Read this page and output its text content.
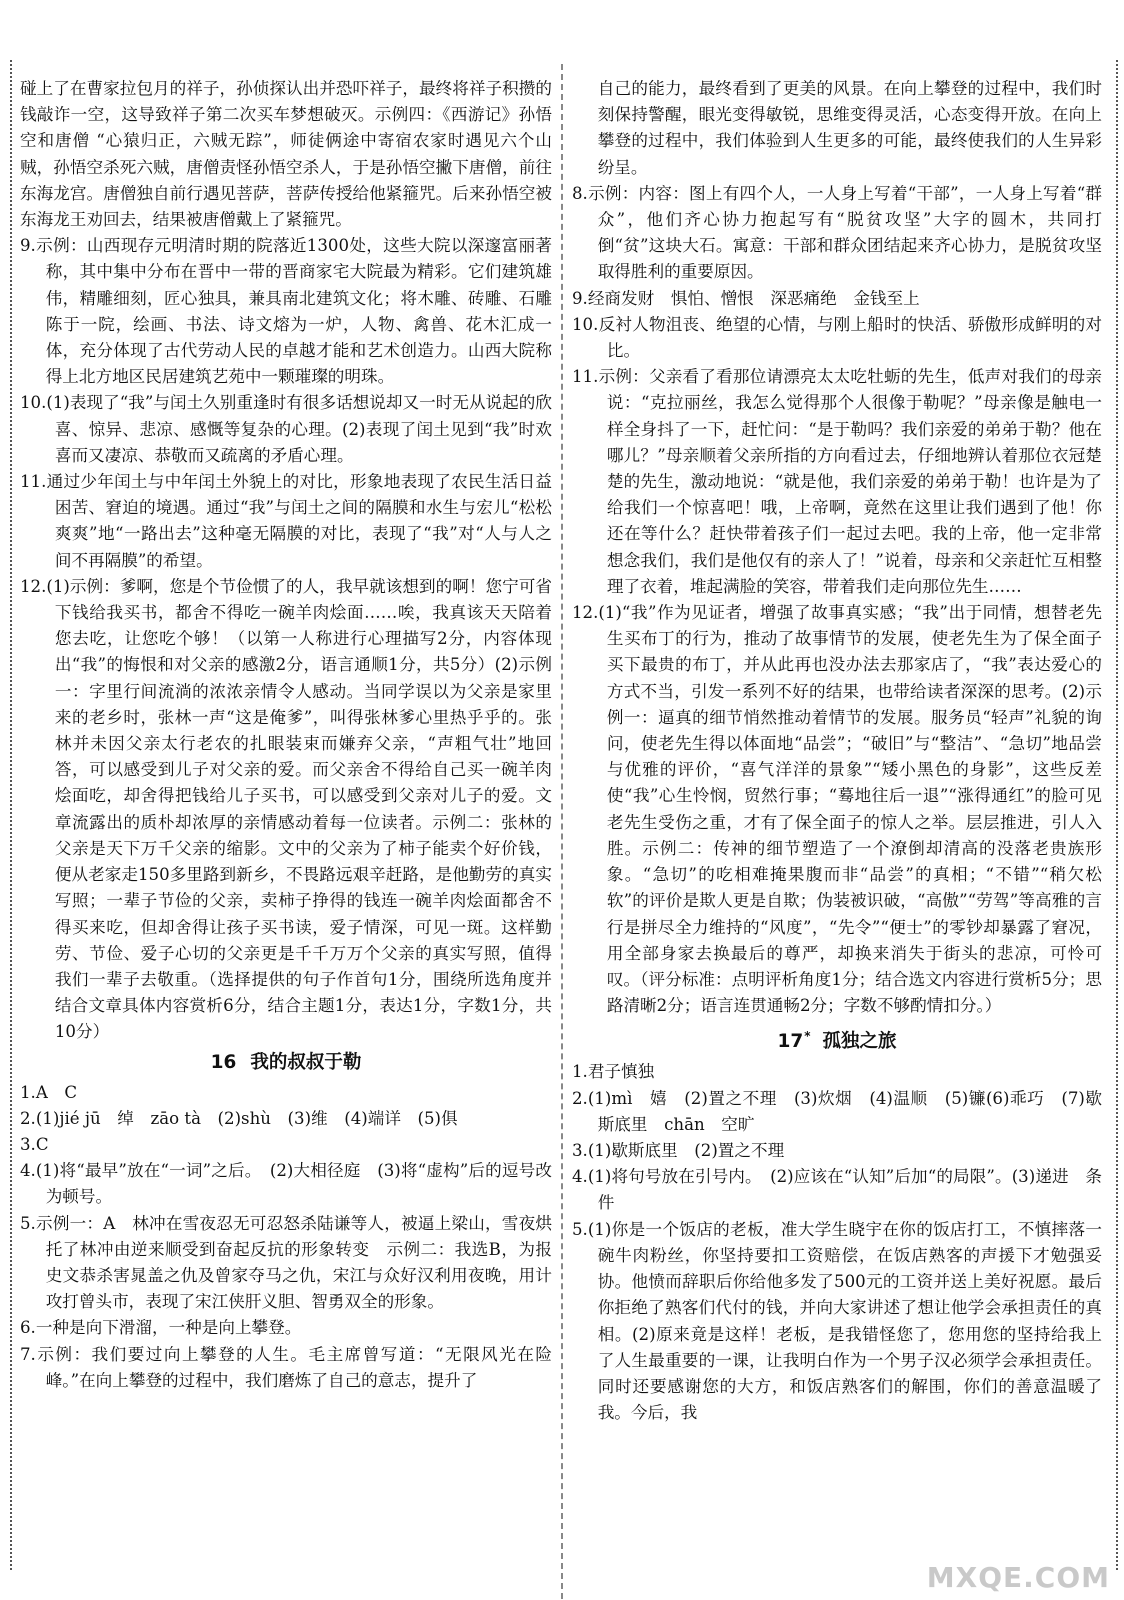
碰上了在曹家拉包月的祥子，孙侦探认出并恐吓祥子，最终将祥子积攒的钱敲诈一空，这导致祥子第二次买车梦想破灭。示例四：《西游记》孙悟空和唐僧 “心猿归正，六贼无踪”，师徒俩途中寄宿农家时遇见六个山贼，孙悟空杀死六贼，唐僧责怪孙悟空杀人，于是孙悟空撇下唐僧，前往东海龙宫。唐僧独自前行遇见菩萨，菩萨传授给他紧箍咒。后来孙悟空被东海龙王劝回去，结果被唐僧戴上了紧箍咒。

9.示例：山西现存元明清时期的院落近1300处，这些大院以深邃富丽著称，其中集中分布在晋中一带的晋商家宅大院最为精彩。它们建筑雄伟，精雕细刻，匠心独具，兼具南北建筑文化；将木雕、砖雕、石雕陈于一院，绘画、书法、诗文熔为一炉，人物、禽兽、花木汇成一体，充分体现了古代劳动人民的卓越才能和艺术创造力。山西大院称得上北方地区民居建筑艺苑中一颗璀璨的明珠。

10.(1)表现了“我”与闰土久别重逢时有很多话想说却又一时无从说起的欣喜、惊异、悲凉、感慨等复杂的心理。(2)表现了闰土见到“我”时欢喜而又凄凉、恭敬而又疏离的矛盾心理。

11.通过少年闰土与中年闰土外貌上的对比，形象地表现了农民生活日益困苦、窘迫的境遇。通过“我”与闰土之间的隔膜和水生与宏儿“松松爽爽”地“一路出去”这种毫无隔膜的对比，表现了“我”对“人与人之间不再隔膜”的希望。

12.(1)示例：爹啊，您是个节俭惯了的人，我早就该想到的啊！您宁可省下钱给我买书，都舍不得吃一碗羊肉烩面……唉，我真该天天陪着您去吃，让您吃个够！（以第一人称进行心理描写2分，内容体现出“我”的悔恨和对父亲的感激2分，语言通顺1分，共5分）(2)示例一：字里行间流淌的浓浓亲情令人感动。当同学误以为父亲是家里来的老乡时，张林一声“这是俺爹”，叫得张林爹心里热乎乎的。张林并未因父亲太行老农的扎眼装束而嫌弃父亲，“声粗气壮”地回答，可以感受到儿子对父亲的爱。而父亲舍不得给自己买一碗羊肉烩面吃，却舍得把钱给儿子买书，可以感受到父亲对儿子的爱。文章流露出的质朴却浓厚的亲情感动着每一位读者。示例二：张林的父亲是天下万千父亲的缩影。文中的父亲为了柿子能卖个好价钱，便从老家走150多里路到新乡，不畏路远艰辛赶路，是他勤劳的真实写照；一辈子节俭的父亲，卖柿子挣得的钱连一碗羊肉烩面都舍不得买来吃，但却舍得让孩子买书读，爱子情深，可见一斑。这样勤劳、节俭、爱子心切的父亲更是千千万万个父亲的真实写照，值得我们一辈子去敬重。（选择提供的句子作首句1分，围绕所选角度并结合文章具体内容赏析6分，结合主题1分，表达1分，字数1分，共10分）

16 我的叔叔于勒

1.A　C

2.(1)jié jū　绰　zāo tà　(2)shù　(3)维　(4)端详　(5)俱

3.C

4.(1)将“最早”放在“一词”之后。　(2)大相径庭　(3)将“虚构”后的逗号改为顿号。

5.示例一：A　林冲在雪夜忍无可忍怒杀陆谦等人，被逼上梁山，雪夜烘托了林冲由逆来顺受到奋起反抗的形象转变　示例二：我选B，为报史文恭杀害晁盖之仇及曾家夺马之仇，宋江与众好汉利用夜晚，用计攻打曾头市，表现了宋江侠肝义胆、智勇双全的形象。

6.一种是向下滑溜，一种是向上攀登。

7.示例：我们要过向上攀登的人生。毛主席曾写道：“无限风光在险峰。”在向上攀登的过程中，我们磨炼了自己的意志，提升了

自己的能力，最终看到了更美的风景。在向上攀登的过程中，我们时刻保持警醒，眼光变得敏锐，思维变得灵活，心态变得开放。在向上攀登的过程中，我们体验到人生更多的可能，最终使我们的人生异彩纷呈。

8.示例：内容：图上有四个人，一人身上写着“干部”，一人身上写着“群众”，他们齐心协力抱起写有“脱贫攻坚”大字的圆木，共同打倒“贫”这块大石。寓意：干部和群众团结起来齐心协力，是脱贫攻坚取得胜利的重要原因。

9.经商发财　惧怕、憎恨　深恶痛绝　金钱至上

10.反衬人物沮丧、绝望的心情，与刚上船时的快活、骄傲形成鲜明的对比。

11.示例：父亲看了看那位请漂亮太太吃牡蛎的先生，低声对我们的母亲说：“克拉丽丝，我怎么觉得那个人很像于勒呢？”母亲像是触电一样全身抖了一下，赶忙问：“是于勒吗？我们亲爱的弟弟于勒？他在哪儿？”母亲顺着父亲所指的方向看过去，仔细地辨认着那位衣冠楚楚的先生，激动地说：“就是他，我们亲爱的弟弟于勒！也许是为了给我们一个惊喜吧！哦，上帝啊，竟然在这里让我们遇到了他！你还在等什么？赶快带着孩子们一起过去吧。我的上帝，他一定非常想念我们，我们是他仅有的亲人了！”说着，母亲和父亲赶忙互相整理了衣着，堆起满脸的笑容，带着我们走向那位先生……

12.(1)“我”作为见证者，增强了故事真实感；“我”出于同情，想替老先生买布丁的行为，推动了故事情节的发展，使老先生为了保全面子买下最贵的布丁，并从此再也没办法去那家店了，“我”表达爱心的方式不当，引发一系列不好的结果，也带给读者深深的思考。(2)示例一：逼真的细节悄然推动着情节的发展。服务员“轻声”礼貌的询问，使老先生得以体面地“品尝”；“破旧”与“整洁”、“急切”地品尝与优雅的评价，“喜气洋洋的景象”“矮小黑色的身影”，这些反差使“我”心生怜悯，贸然行事；“蓦地往后一退”“涨得通红”的脸可见老先生受伤之重，才有了保全面子的惊人之举。层层推进，引人入胜。示例二：传神的细节塑造了一个潦倒却清高的没落老贵族形象。“急切”的吃相难掩果腹而非“品尝”的真相；“不错”“稍欠松软”的评价是欺人更是自欺；伪装被识破，“高傲”“劳驾”等高雅的言行是拼尽全力维持的“风度”，“先令”“便士”的零钞却暴露了窘况，用全部身家去换最后的尊严，却换来消失于街头的悲凉，可怜可叹。（评分标准：点明评析角度1分；结合选文内容进行赏析5分；思路清晰2分；语言连贯通畅2分；字数不够酌情扣分。）

17* 孤独之旅

1.君子慎独

2.(1)mì　嬉　(2)置之不理　(3)炊烟　(4)温顺　(5)镰(6)乖巧　(7)歇斯底里　chān　空旷

3.(1)歇斯底里　(2)置之不理

4.(1)将句号放在引号内。　(2)应该在“认知”后加“的局限”。(3)递进　条件

5.(1)你是一个饭店的老板，准大学生晓宇在你的饭店打工，不慎摔落一碗牛肉粉丝，你坚持要扣工资赔偿，在饭店熟客的声援下才勉强妥协。他愤而辞职后你给他多发了500元的工资并送上美好祝愿。最后你拒绝了熟客们代付的钱，并向大家讲述了想让他学会承担责任的真相。(2)原来竟是这样！老板，是我错怪您了，您用您的坚持给我上了人生最重要的一课，让我明白作为一个男子汉必须学会承担责任。同时还要感谢您的大方，和饭店熟客们的解围，你们的善意温暖了我。今后，我

MXQE.COM
